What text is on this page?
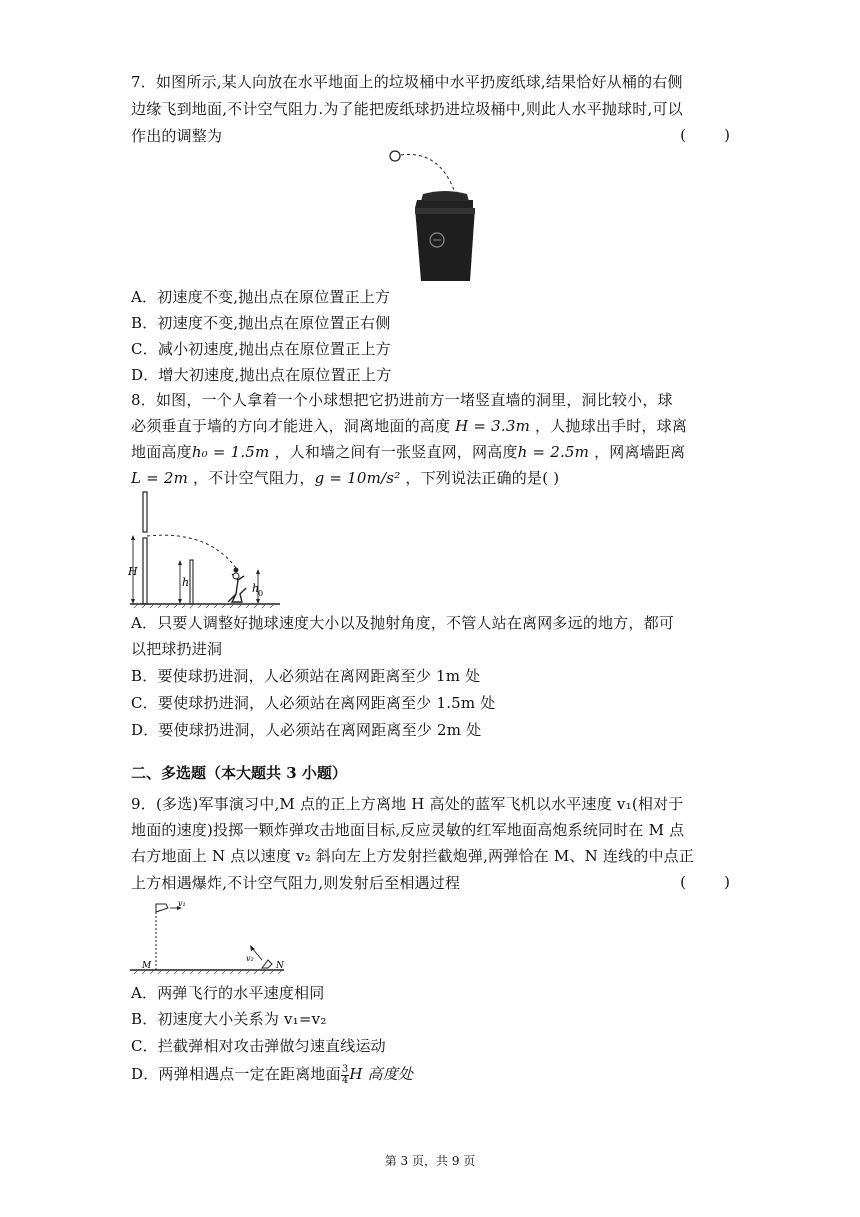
7．如图所示,某人向放在水平地面上的垃圾桶中水平扔废纸球,结果恰好从桶的右侧
边缘飞到地面,不计空气阻力.为了能把废纸球扔进垃圾桶中,则此人水平抛球时,可以
作出的调整为	(        )
A．初速度不变,抛出点在原位置正上方
B．初速度不变,抛出点在原位置正右侧
C．减小初速度,抛出点在原位置正上方
D．增大初速度,抛出点在原位置正上方
8．如图，一个人拿着一个小球想把它扔进前方一堵竖直墙的洞里，洞比较小，球
必须垂直于墙的方向才能进入，洞离地面的高度 H = 3.3m ，人抛球出手时，球离
地面高度h₀ = 1.5m ，人和墙之间有一张竖直网，网高度h = 2.5m ，网离墙距离
L = 2m ，不计空气阻力，g = 10m/s² ，下列说法正确的是( )
H
h	h
0
A．只要人调整好抛球速度大小以及抛射角度，不管人站在离网多远的地方，都可
以把球扔进洞
B．要使球扔进洞，人必须站在离网距离至少 1m 处
C．要使球扔进洞，人必须站在离网距离至少 1.5m 处
D．要使球扔进洞，人必须站在离网距离至少 2m 处
二、多选题（本大题共 3 小题）
9．(多选)军事演习中,M 点的正上方离地 H 高处的蓝军飞机以水平速度 v₁(相对于
地面的速度)投掷一颗炸弹攻击地面目标,反应灵敏的红军地面高炮系统同时在 M 点
右方地面上 N 点以速度 v₂ 斜向左上方发射拦截炮弹,两弹恰在 M、N 连线的中点正
上方相遇爆炸,不计空气阻力,则发射后至相遇过程	(        )
v₁
M
v₂
N
A．两弹飞行的水平速度相同
B．初速度大小关系为 v₁=v₂
C．拦截弹相对攻击弹做匀速直线运动
D．两弹相遇点一定在距离地面 $\frac{3}{4}$ H 高度处
第 3 页，共 9 页
